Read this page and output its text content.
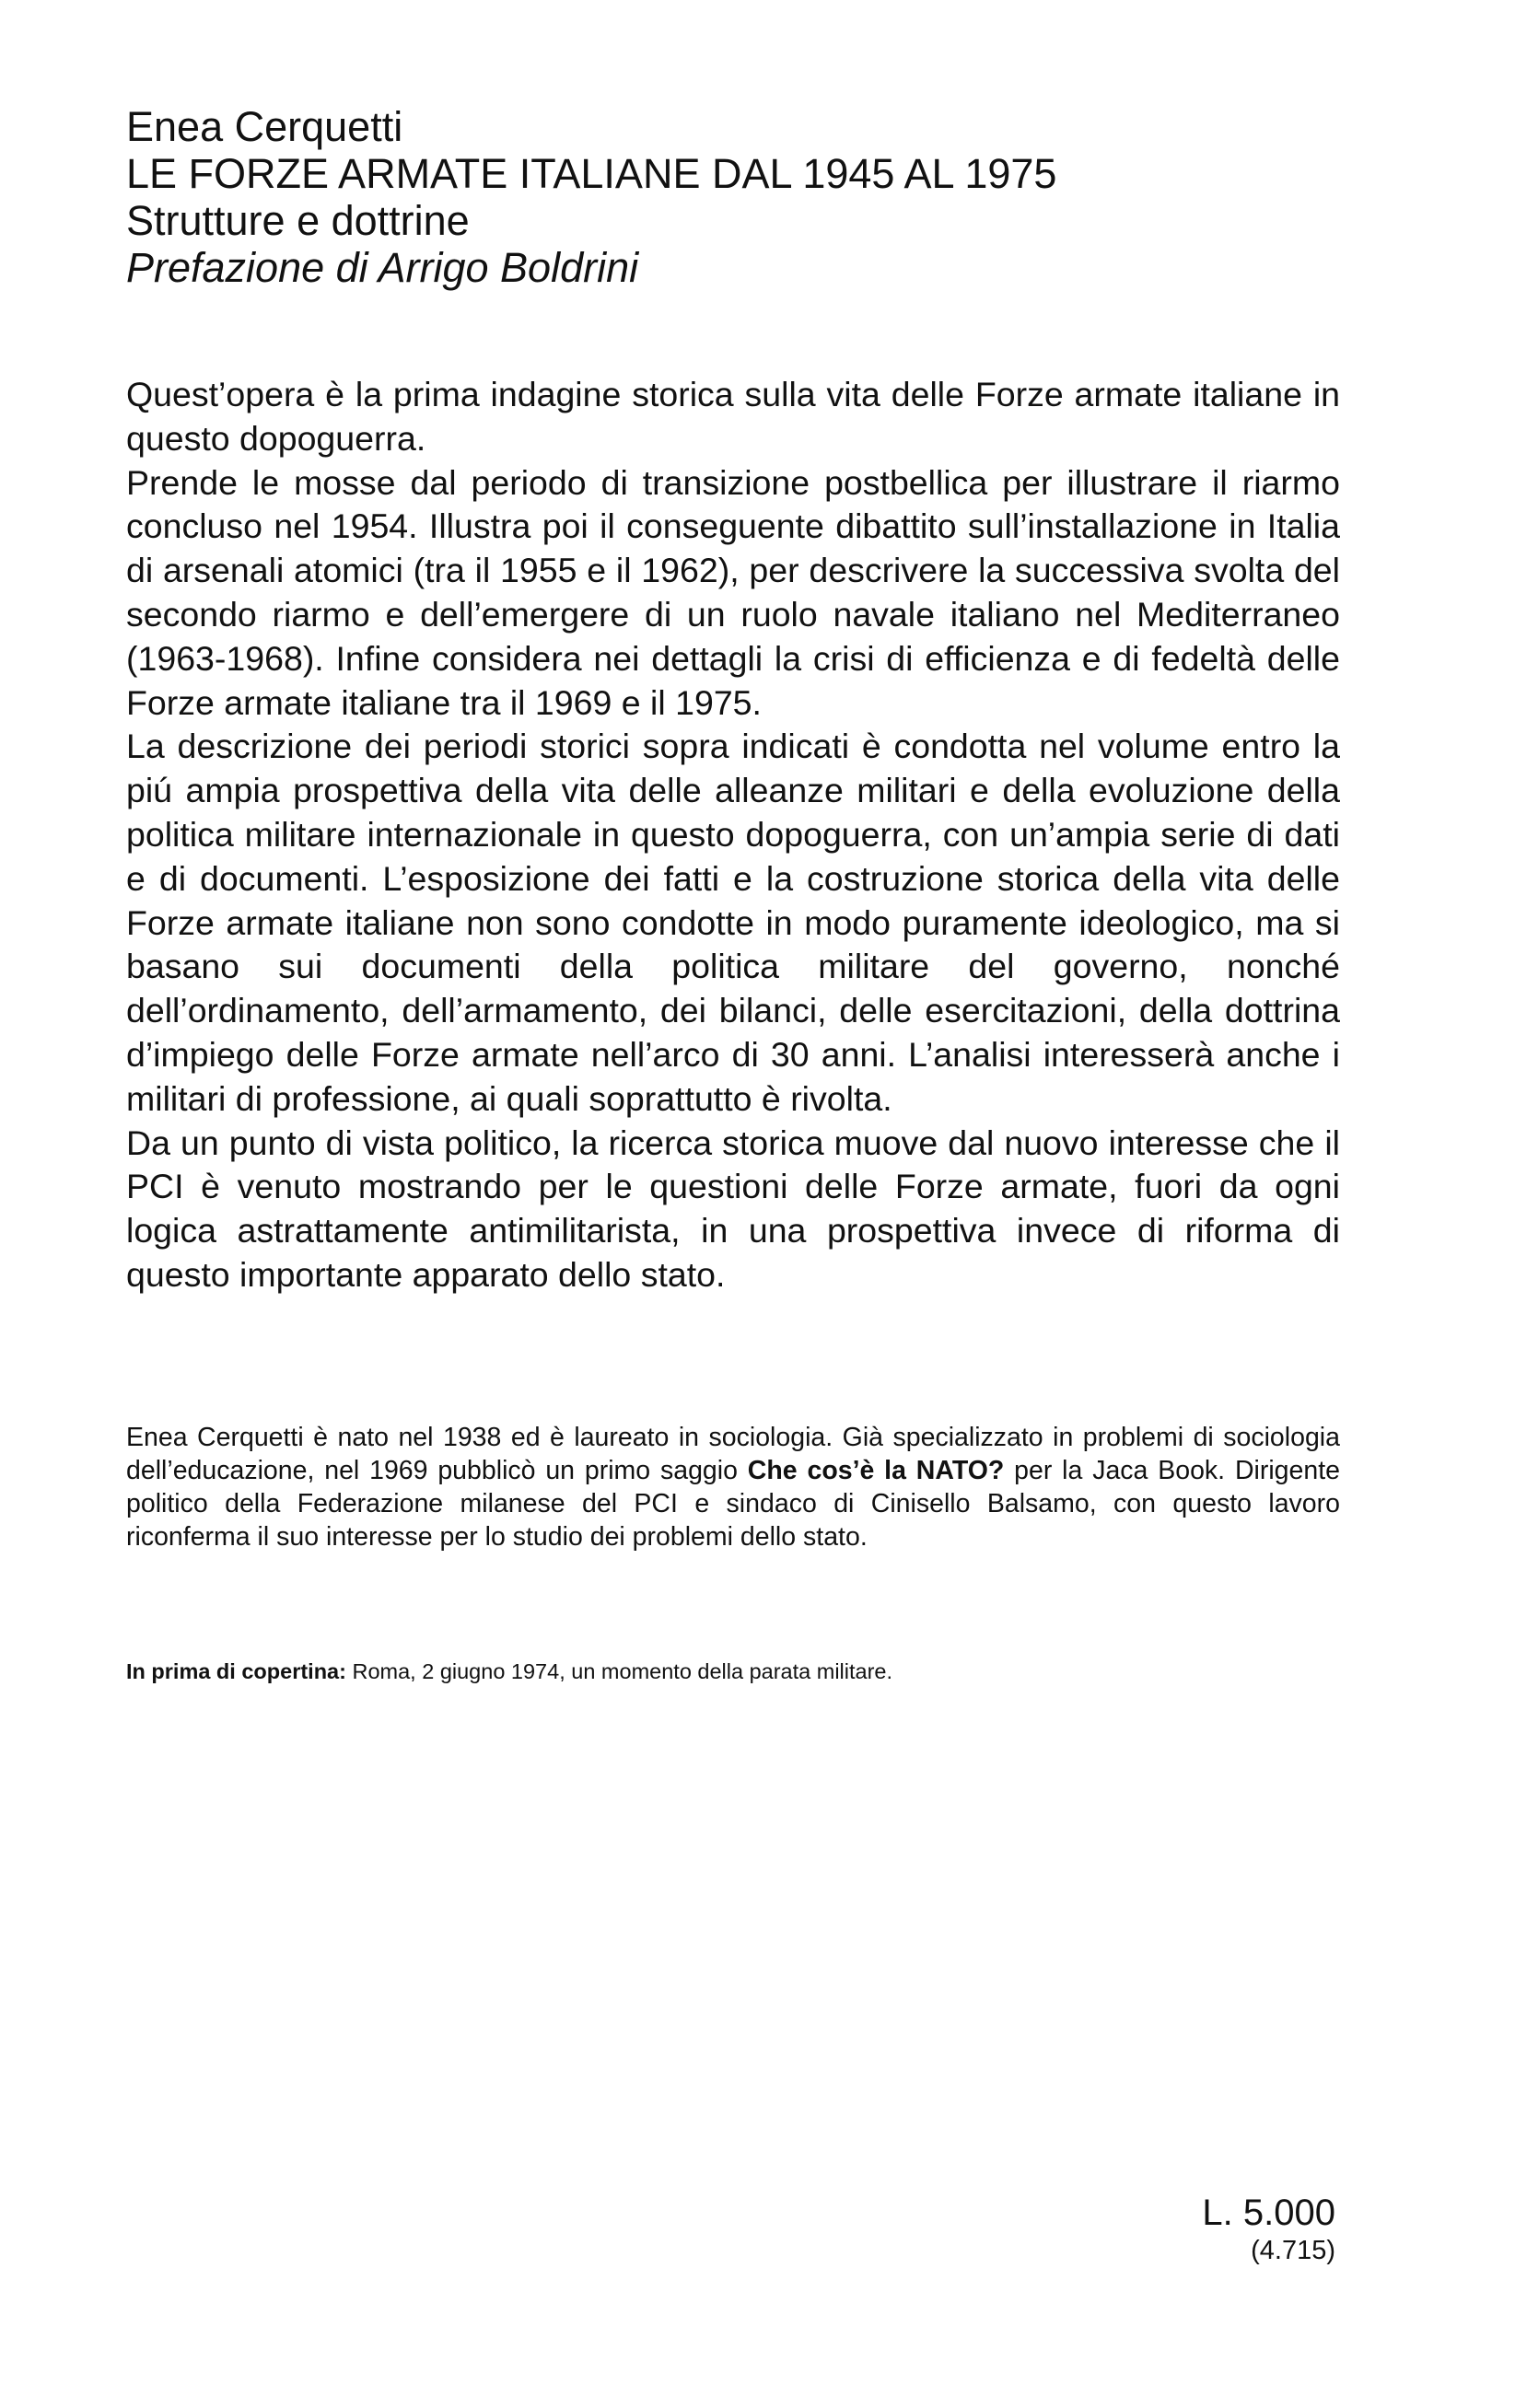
Enea Cerquetti
LE FORZE ARMATE ITALIANE DAL 1945 AL 1975
Strutture e dottrine
Prefazione di Arrigo Boldrini

Quest’opera è la prima indagine storica sulla vita delle Forze armate italiane in questo dopoguerra.

Prende le mosse dal periodo di transizione postbellica per illustrare il riarmo concluso nel 1954. Illustra poi il conseguente dibattito sull’installazione in Italia di arsenali atomici (tra il 1955 e il 1962), per descrivere la successiva svolta del secondo riarmo e dell’emergere di un ruolo navale italiano nel Mediterraneo (1963-1968). Infine considera nei dettagli la crisi di efficienza e di fedeltà delle Forze armate italiane tra il 1969 e il 1975.

La descrizione dei periodi storici sopra indicati è condotta nel volume entro la piú ampia prospettiva della vita delle alleanze militari e della evoluzione della politica militare internazionale in questo dopoguerra, con un’ampia serie di dati e di documenti. L’esposizione dei fatti e la costruzione storica della vita delle Forze armate italiane non sono condotte in modo puramente ideologico, ma si basano sui documenti della politica militare del governo, nonché dell’ordinamento, dell’armamento, dei bilanci, delle esercitazioni, della dottrina d’impiego delle Forze armate nell’arco di 30 anni. L’analisi interesserà anche i militari di professione, ai quali soprattutto è rivolta.

Da un punto di vista politico, la ricerca storica muove dal nuovo interesse che il PCI è venuto mostrando per le questioni delle Forze armate, fuori da ogni logica astrattamente antimilitarista, in una prospettiva invece di riforma di questo importante apparato dello stato.

Enea Cerquetti è nato nel 1938 ed è laureato in sociologia. Già specializzato in problemi di sociologia dell’educazione, nel 1969 pubblicò un primo saggio Che cos’è la NATO? per la Jaca Book. Dirigente politico della Federazione milanese del PCI e sindaco di Cinisello Balsamo, con questo lavoro riconferma il suo interesse per lo studio dei problemi dello stato.

In prima di copertina: Roma, 2 giugno 1974, un momento della parata militare.
L. 5.000
(4.715)
